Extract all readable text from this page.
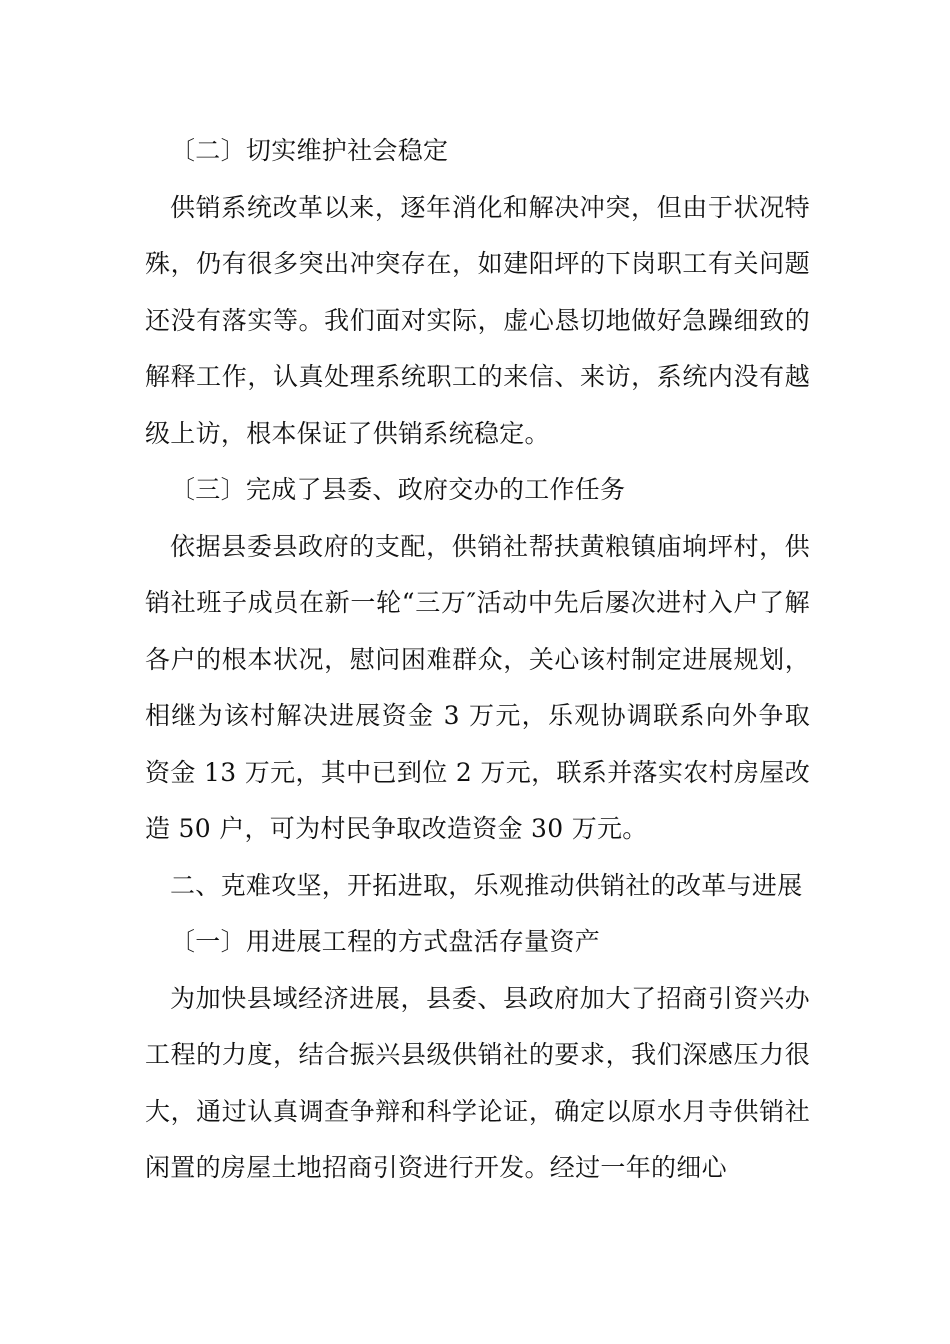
〔二〕切实维护社会稳定

供销系统改革以来，逐年消化和解决冲突，但由于状况特殊，仍有很多突出冲突存在，如建阳坪的下岗职工有关问题还没有落实等。我们面对实际，虚心恳切地做好急躁细致的解释工作，认真处理系统职工的来信、来访，系统内没有越级上访，根本保证了供销系统稳定。

〔三〕完成了县委、政府交办的工作任务

依据县委县政府的支配，供销社帮扶黄粮镇庙垧坪村，供销社班子成员在新一轮“三万″活动中先后屡次进村入户了解各户的根本状况，慰问困难群众，关心该村制定进展规划，相继为该村解决进展资金 3 万元，乐观协调联系向外争取资金 13 万元，其中已到位 2 万元，联系并落实农村房屋改造 50 户，可为村民争取改造资金 30 万元。

二、克难攻坚，开拓进取，乐观推动供销社的改革与进展

〔一〕用进展工程的方式盘活存量资产

为加快县域经济进展，县委、县政府加大了招商引资兴办工程的力度，结合振兴县级供销社的要求，我们深感压力很大，通过认真调查争辩和科学论证，确定以原水月寺供销社闲置的房屋土地招商引资进行开发。经过一年的细心
